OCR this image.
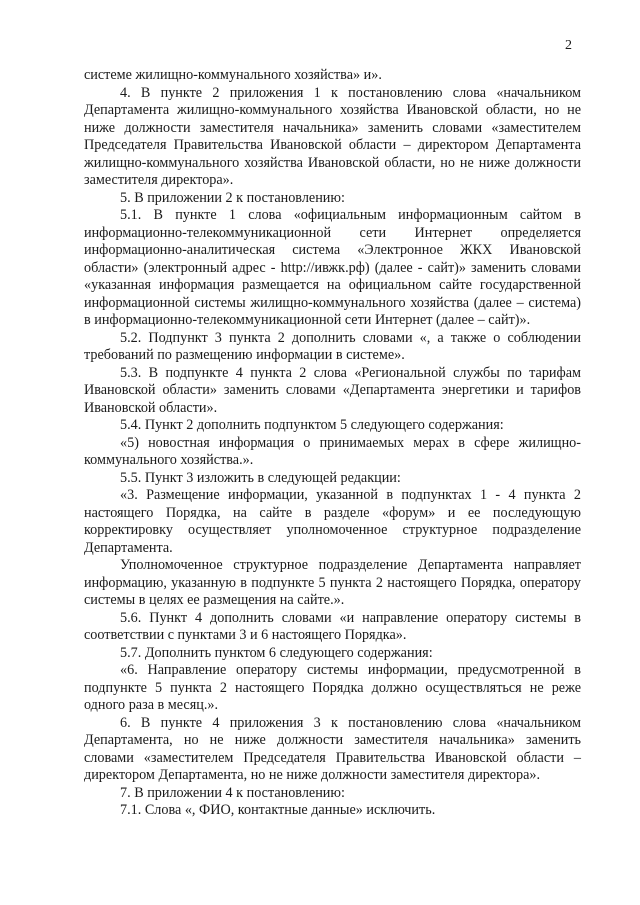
2

системе жилищно-коммунального хозяйства» и».

4. В пункте 2 приложения 1 к постановлению слова «начальником Департамента жилищно-коммунального хозяйства Ивановской области, но не ниже должности заместителя начальника» заменить словами «заместителем Председателя Правительства Ивановской области – директором Департамента жилищно-коммунального хозяйства Ивановской области, но не ниже должности заместителя директора».

5. В приложении 2 к постановлению:

5.1. В пункте 1 слова «официальным информационным сайтом в информационно-телекоммуникационной сети Интернет определяется информационно-аналитическая система «Электронное ЖКХ Ивановской области» (электронный адрес - http://ивжк.рф) (далее - сайт)» заменить словами «указанная информация размещается на официальном сайте государственной информационной системы жилищно-коммунального хозяйства (далее – система) в информационно-телекоммуникационной сети Интернет (далее – сайт)».

5.2. Подпункт 3 пункта 2 дополнить словами «, а также о соблюдении требований по размещению информации в системе».

5.3. В подпункте 4 пункта 2 слова «Региональной службы по тарифам Ивановской области» заменить словами «Департамента энергетики и тарифов Ивановской области».

5.4. Пункт 2 дополнить подпунктом 5 следующего содержания:

«5) новостная информация о принимаемых мерах в сфере жилищно-коммунального хозяйства.».

5.5. Пункт 3 изложить в следующей редакции:

«3. Размещение информации, указанной в подпунктах 1 - 4 пункта 2 настоящего Порядка, на сайте в разделе «форум» и ее последующую корректировку осуществляет уполномоченное структурное подразделение Департамента.

Уполномоченное структурное подразделение Департамента направляет информацию, указанную в подпункте 5 пункта 2 настоящего Порядка, оператору системы в целях ее размещения на сайте.».

5.6. Пункт 4 дополнить словами «и направление оператору системы в соответствии с пунктами 3 и 6 настоящего Порядка».

5.7. Дополнить пунктом 6 следующего содержания:

«6. Направление оператору системы информации, предусмотренной в подпункте 5 пункта 2 настоящего Порядка должно осуществляться не реже одного раза в месяц.».

6. В пункте 4 приложения 3 к постановлению слова «начальником Департамента, но не ниже должности заместителя начальника» заменить словами «заместителем Председателя Правительства Ивановской области – директором Департамента, но не ниже должности заместителя директора».

7. В приложении 4 к постановлению:

7.1. Слова «, ФИО, контактные данные» исключить.
